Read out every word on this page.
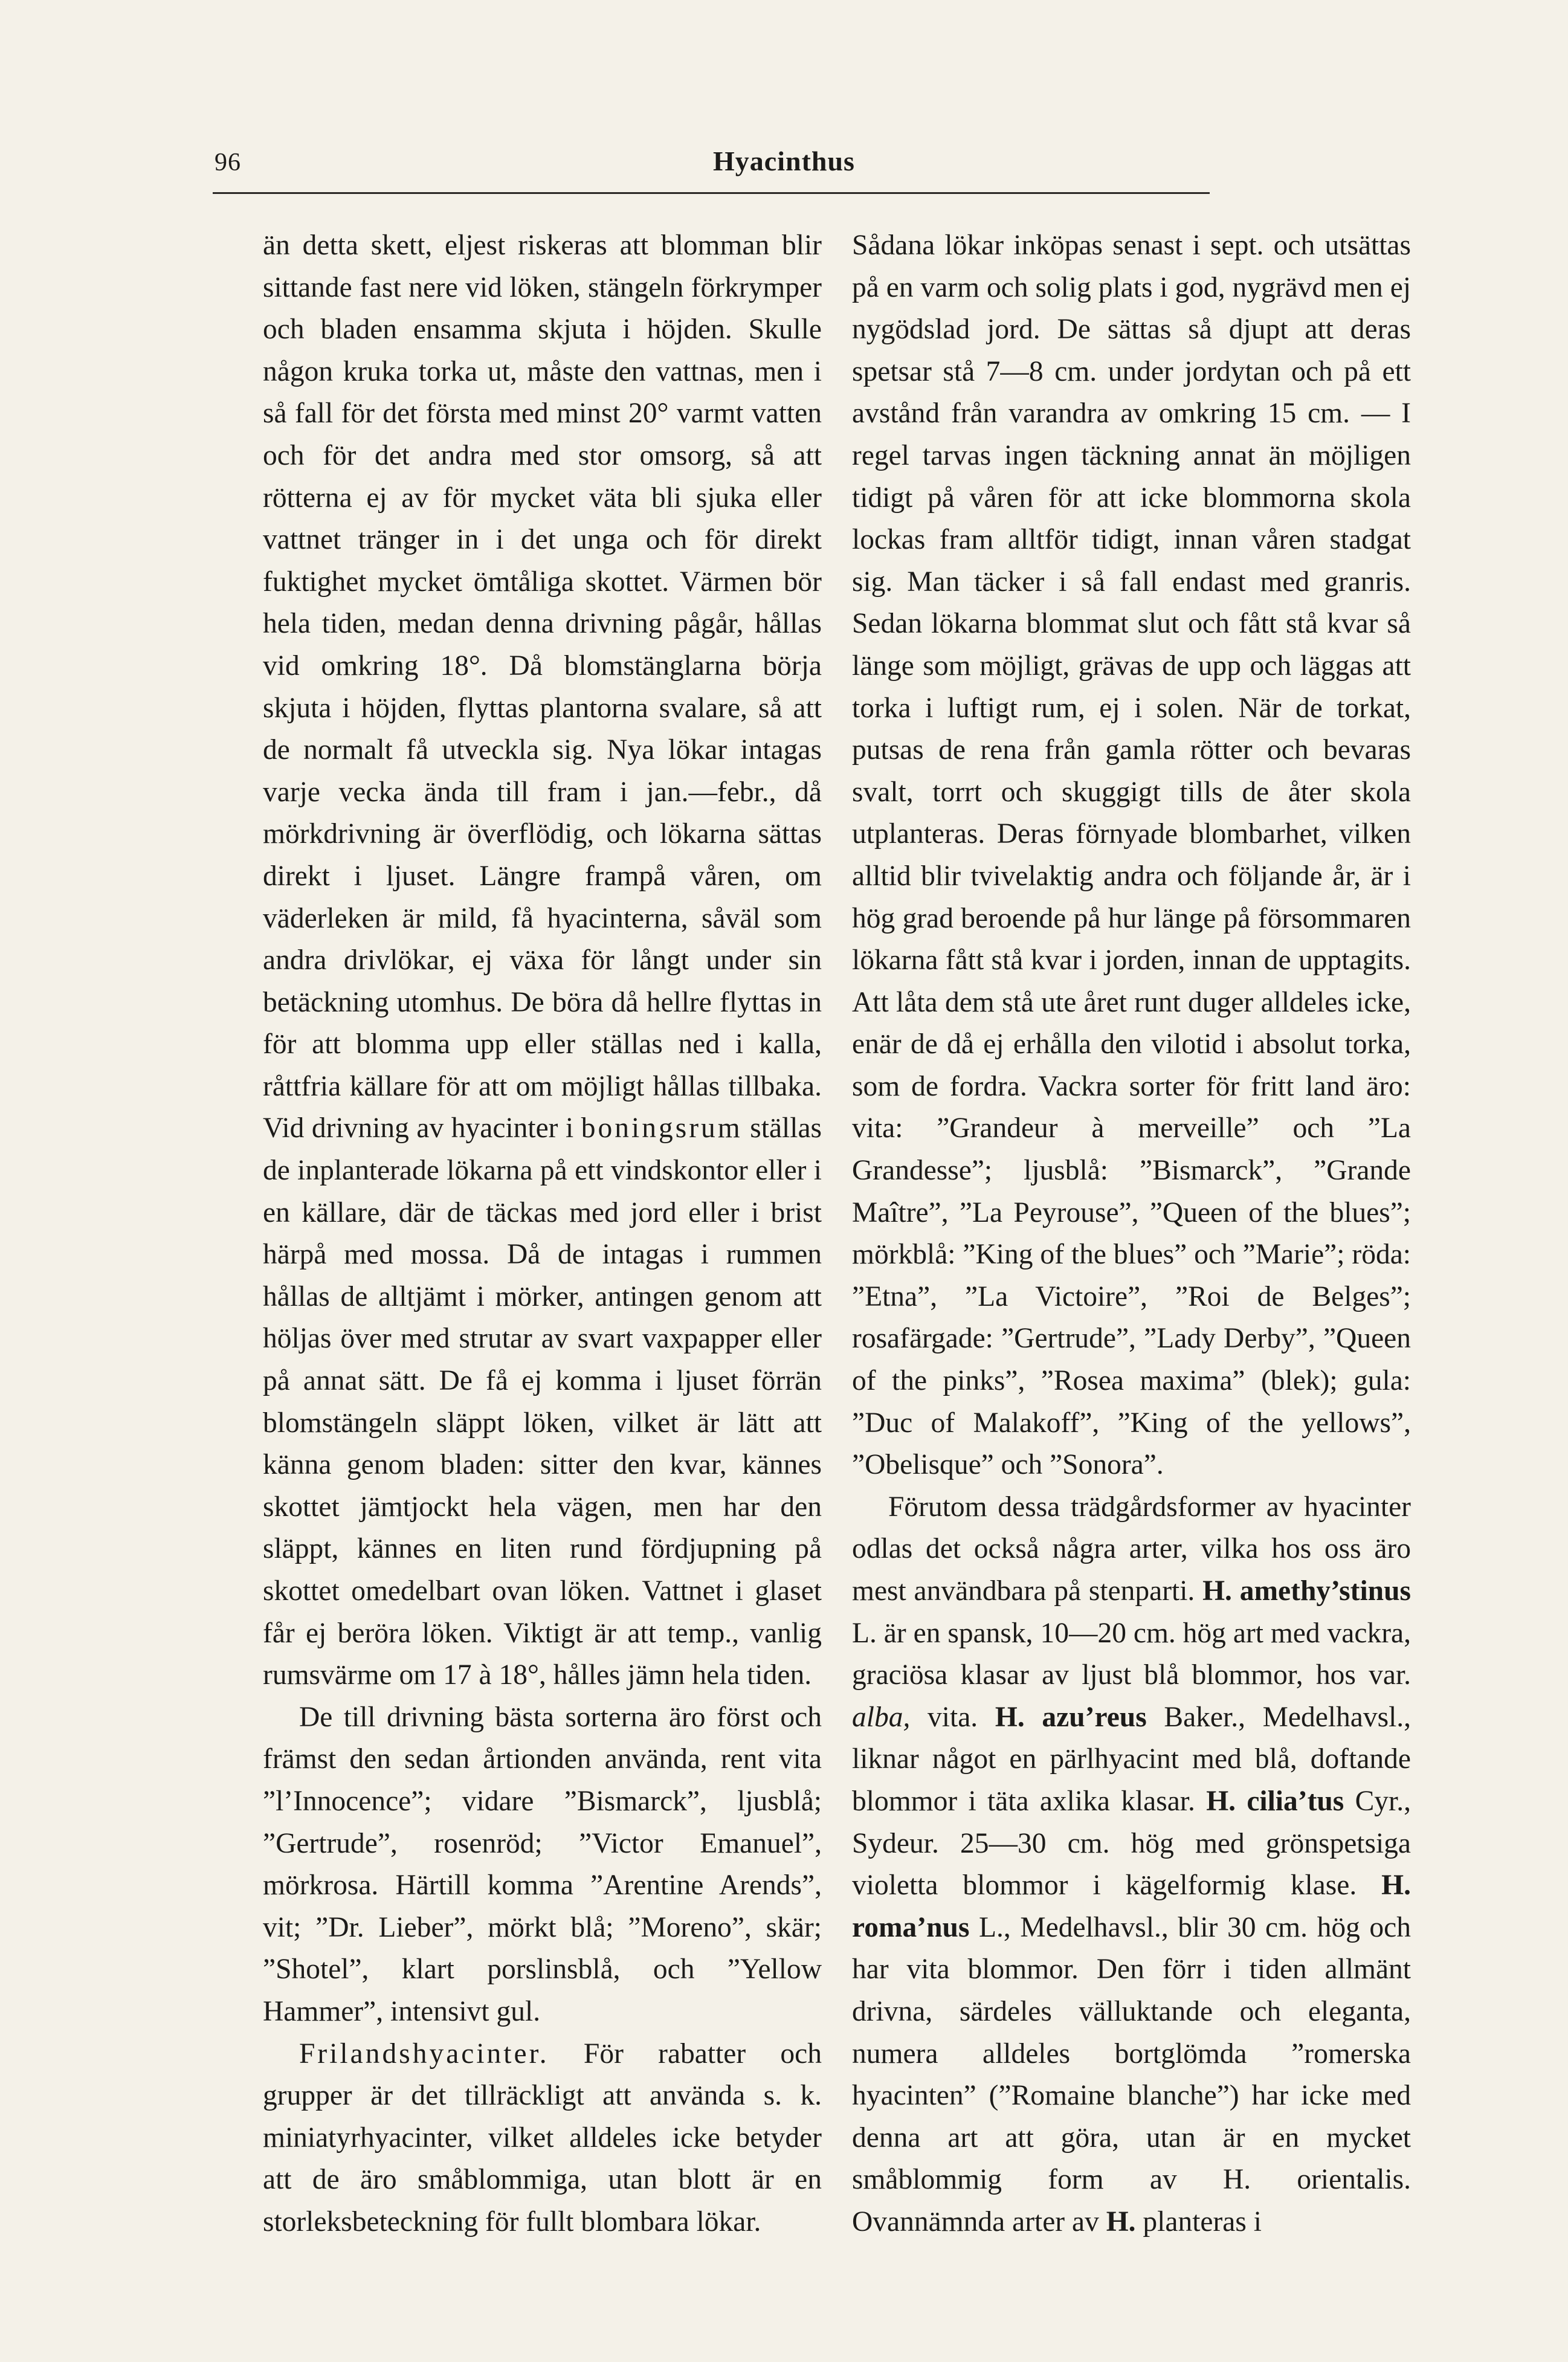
96	Hyacinthus

än detta skett, eljest riskeras att blomman blir sittande fast nere vid löken, stängeln förkrymper och bladen ensamma skjuta i höjden. Skulle någon kruka torka ut, måste den vattnas, men i så fall för det första med minst 20° varmt vatten och för det andra med stor omsorg, så att rötterna ej av för mycket väta bli sjuka eller vattnet tränger in i det unga och för direkt fuktighet mycket ömtåliga skottet. Värmen bör hela tiden, medan denna drivning pågår, hållas vid omkring 18°. Då blomstänglarna börja skjuta i höjden, flyttas plantorna svalare, så att de normalt få utveckla sig. Nya lökar intagas varje vecka ända till fram i jan.—febr., då mörkdrivning är överflödig, och lökarna sättas direkt i ljuset. Längre frampå våren, om väderleken är mild, få hyacinterna, såväl som andra drivlökar, ej växa för långt under sin betäckning utomhus. De böra då hellre flyttas in för att blomma upp eller ställas ned i kalla, råttfria källare för att om möjligt hållas tillbaka. Vid drivning av hyacinter i boningsrum ställas de inplanterade lökarna på ett vindskontor eller i en källare, där de täckas med jord eller i brist härpå med mossa. Då de intagas i rummen hållas de alltjämt i mörker, antingen genom att höljas över med strutar av svart vaxpapper eller på annat sätt. De få ej komma i ljuset förrän blomstängeln släppt löken, vilket är lätt att känna genom bladen: sitter den kvar, kännes skottet jämtjockt hela vägen, men har den släppt, kännes en liten rund fördjupning på skottet omedelbart ovan löken. Vattnet i glaset får ej beröra löken. Viktigt är att temp., vanlig rumsvärme om 17 à 18°, hålles jämn hela tiden.

De till drivning bästa sorterna äro först och främst den sedan årtionden använda, rent vita ”l’Innocence”; vidare ”Bismarck”, ljusblå; ”Gertrude”, rosenröd; ”Victor Emanuel”, mörkrosa. Härtill komma ”Arentine Arends”, vit; ”Dr. Lieber”, mörkt blå; ”Moreno”, skär; ”Shotel”, klart porslinsblå, och ”Yellow Hammer”, intensivt gul.

Frilandshyacinter. För rabatter och grupper är det tillräckligt att använda s. k. miniatyrhyacinter, vilket alldeles icke betyder att de äro småblommiga, utan blott är en storleksbeteckning för fullt blombara lökar.

Sådana lökar inköpas senast i sept. och utsättas på en varm och solig plats i god, nygrävd men ej nygödslad jord. De sättas så djupt att deras spetsar stå 7—8 cm. under jordytan och på ett avstånd från varandra av omkring 15 cm. — I regel tarvas ingen täckning annat än möjligen tidigt på våren för att icke blommorna skola lockas fram alltför tidigt, innan våren stadgat sig. Man täcker i så fall endast med granris. Sedan lökarna blommat slut och fått stå kvar så länge som möjligt, grävas de upp och läggas att torka i luftigt rum, ej i solen. När de torkat, putsas de rena från gamla rötter och bevaras svalt, torrt och skuggigt tills de åter skola utplanteras. Deras förnyade blombarhet, vilken alltid blir tvivelaktig andra och följande år, är i hög grad beroende på hur länge på försommaren lökarna fått stå kvar i jorden, innan de upptagits. Att låta dem stå ute året runt duger alldeles icke, enär de då ej erhålla den vilotid i absolut torka, som de fordra. Vackra sorter för fritt land äro: vita: ”Grandeur à merveille” och ”La Grandesse”; ljusblå: ”Bismarck”, ”Grande Maître”, ”La Peyrouse”, ”Queen of the blues”; mörkblå: ”King of the blues” och ”Marie”; röda: ”Etna”, ”La Victoire”, ”Roi de Belges”; rosafärgade: ”Gertrude”, ”Lady Derby”, ”Queen of the pinks”, ”Rosea maxima” (blek); gula: ”Duc of Malakoff”, ”King of the yellows”, ”Obelisque” och ”Sonora”.

Förutom dessa trädgårdsformer av hyacinter odlas det också några arter, vilka hos oss äro mest användbara på stenparti. H. amethy’stinus L. är en spansk, 10—20 cm. hög art med vackra, graciösa klasar av ljust blå blommor, hos var. alba, vita. H. azu’reus Baker., Medelhavsl., liknar något en pärlhyacint med blå, doftande blommor i täta axlika klasar. H. cilia’tus Cyr., Sydeur. 25—30 cm. hög med grönspetsiga violetta blommor i kägelformig klase. H. roma’nus L., Medelhavsl., blir 30 cm. hög och har vita blommor. Den förr i tiden allmänt drivna, särdeles välluktande och eleganta, numera alldeles bortglömda ”romerska hyacinten” (”Romaine blanche”) har icke med denna art att göra, utan är en mycket småblommig form av H. orientalis. Ovannämnda arter av H. planteras i
